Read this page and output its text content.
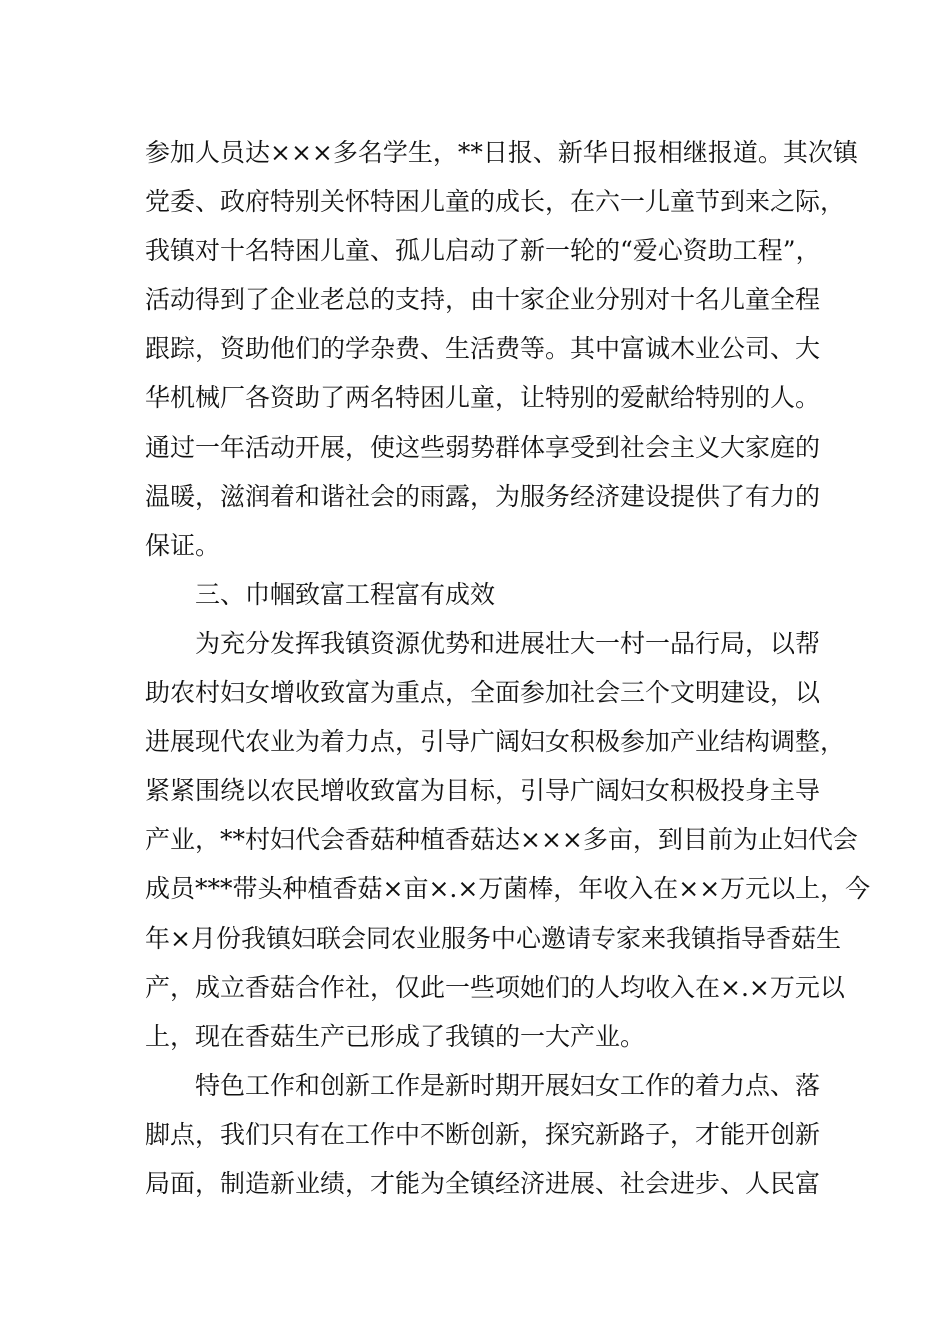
参加人员达×××多名学生，**日报、新华日报相继报道。其次镇
党委、政府特别关怀特困儿童的成长，在六一儿童节到来之际，
我镇对十名特困儿童、孤儿启动了新一轮的“爱心资助工程”，
活动得到了企业老总的支持，由十家企业分别对十名儿童全程
跟踪，资助他们的学杂费、生活费等。其中富诚木业公司、大
华机械厂各资助了两名特困儿童，让特别的爱献给特别的人。
通过一年活动开展，使这些弱势群体享受到社会主义大家庭的
温暖，滋润着和谐社会的雨露，为服务经济建设提供了有力的
保证。
三、巾帼致富工程富有成效
为充分发挥我镇资源优势和进展壮大一村一品行局，以帮
助农村妇女增收致富为重点，全面参加社会三个文明建设，以
进展现代农业为着力点，引导广阔妇女积极参加产业结构调整，
紧紧围绕以农民增收致富为目标，引导广阔妇女积极投身主导
产业，**村妇代会香菇种植香菇达×××多亩，到目前为止妇代会
成员***带头种植香菇×亩×.×万菌棒，年收入在××万元以上，今
年×月份我镇妇联会同农业服务中心邀请专家来我镇指导香菇生
产，成立香菇合作社，仅此一些项她们的人均收入在×.×万元以
上，现在香菇生产已形成了我镇的一大产业。
特色工作和创新工作是新时期开展妇女工作的着力点、落
脚点，我们只有在工作中不断创新，探究新路子，才能开创新
局面，制造新业绩，才能为全镇经济进展、社会进步、人民富
